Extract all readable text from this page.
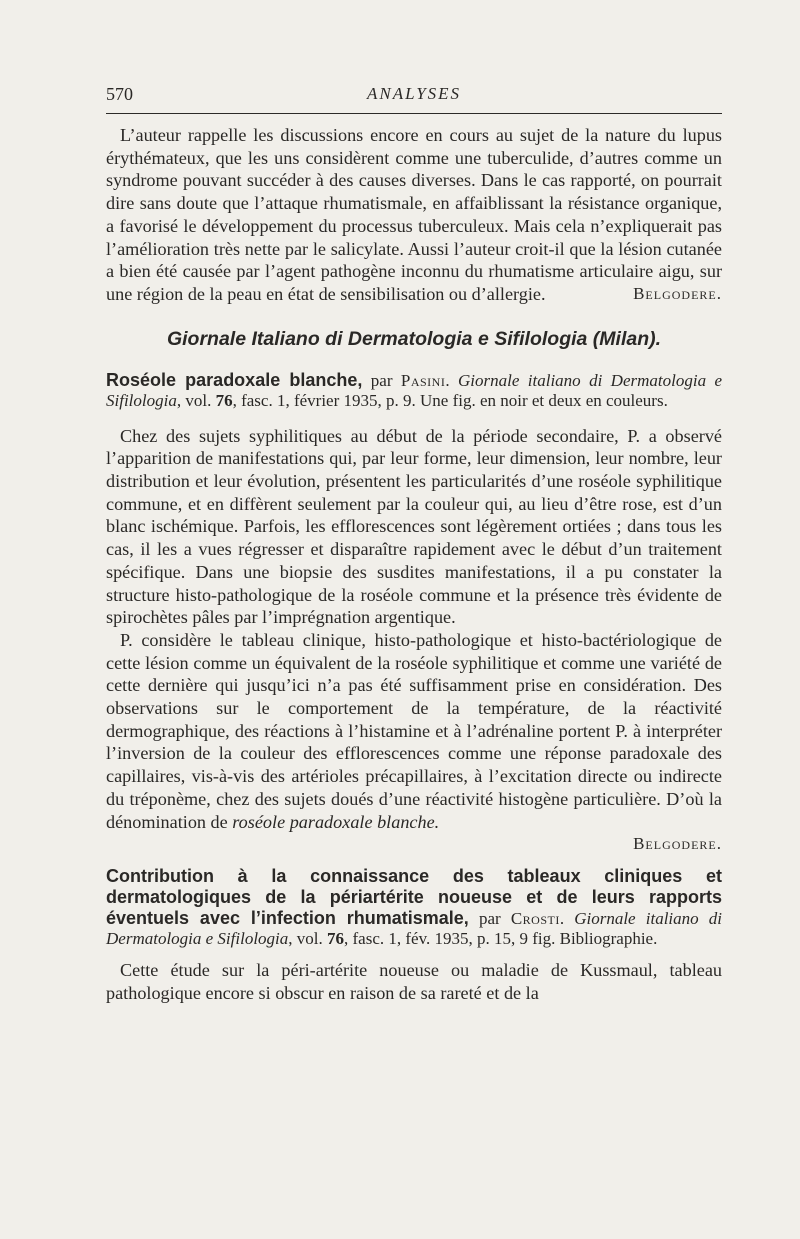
570	ANALYSES

L’auteur rappelle les discussions encore en cours au sujet de la nature du lupus érythémateux, que les uns considèrent comme une tuberculide, d’autres comme un syndrome pouvant succéder à des causes diverses. Dans le cas rapporté, on pourrait dire sans doute que l’attaque rhumatismale, en affaiblissant la résistance organique, a favorisé le développement du processus tuberculeux. Mais cela n’expliquerait pas l’amélioration très nette par le salicylate. Aussi l’auteur croit-il que la lésion cutanée a bien été causée par l’agent pathogène inconnu du rhumatisme articulaire aigu, sur une région de la peau en état de sensibilisation ou d’allergie.	Belgodere.

Giornale Italiano di Dermatologia e Sifilologia (Milan).

Roséole paradoxale blanche, par Pasini. Giornale italiano di Dermatologia e Sifilologia, vol. 76, fasc. 1, février 1935, p. 9. Une fig. en noir et deux en couleurs.

Chez des sujets syphilitiques au début de la période secondaire, P. a observé l’apparition de manifestations qui, par leur forme, leur dimension, leur nombre, leur distribution et leur évolution, présentent les particularités d’une roséole syphilitique commune, et en diffèrent seulement par la couleur qui, au lieu d’être rose, est d’un blanc ischémique. Parfois, les efflorescences sont légèrement ortiées ; dans tous les cas, il les a vues régresser et disparaître rapidement avec le début d’un traitement spécifique. Dans une biopsie des susdites manifestations, il a pu constater la structure histo-pathologique de la roséole commune et la présence très évidente de spirochètes pâles par l’imprégnation argentique.

P. considère le tableau clinique, histo-pathologique et histo-bactériologique de cette lésion comme un équivalent de la roséole syphilitique et comme une variété de cette dernière qui jusqu’ici n’a pas été suffisamment prise en considération. Des observations sur le comportement de la température, de la réactivité dermographique, des réactions à l’histamine et à l’adrénaline portent P. à interpréter l’inversion de la couleur des efflorescences comme une réponse paradoxale des capillaires, vis-à-vis des artérioles précapillaires, à l’excitation directe ou indirecte du tréponème, chez des sujets doués d’une réactivité histogène particulière. D’où la dénomination de roséole paradoxale blanche.

Belgodere.

Contribution à la connaissance des tableaux cliniques et dermatologiques de la périartérite noueuse et de leurs rapports éventuels avec l’infection rhumatismale, par Crosti. Giornale italiano di Dermatologia e Sifilologia, vol. 76, fasc. 1, fév. 1935, p. 15, 9 fig. Bibliographie.

Cette étude sur la péri-artérite noueuse ou maladie de Kussmaul, tableau pathologique encore si obscur en raison de sa rareté et de la
